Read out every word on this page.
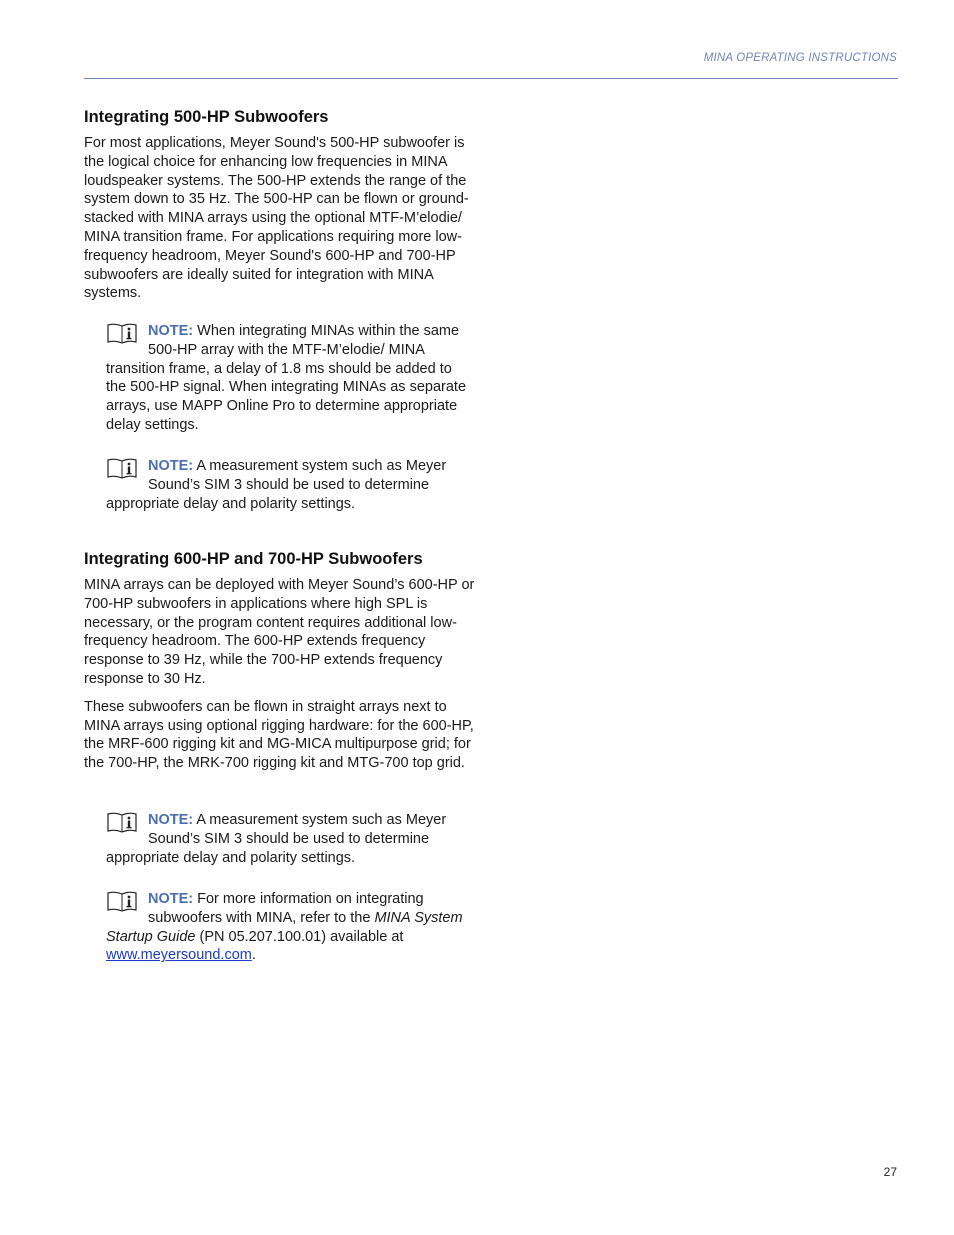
MINA OPERATING INSTRUCTIONS
Integrating 500-HP Subwoofers

For most applications, Meyer Sound's 500-HP subwoofer is the logical choice for enhancing low frequencies in MINA loudspeaker systems. The 500-HP extends the range of the system down to 35 Hz. The 500-HP can be flown or ground-stacked with MINA arrays using the optional MTF-M’elodie/ MINA transition frame. For applications requiring more low-frequency headroom, Meyer Sound's 600-HP and 700-HP subwoofers are ideally suited for integration with MINA systems.

NOTE: When integrating MINAs within the same 500-HP array with the MTF-M’elodie/ MINA transition frame, a delay of 1.8 ms should be added to the 500-HP signal. When integrating MINAs as separate arrays, use MAPP Online Pro to determine appropriate delay settings.
NOTE: A measurement system such as Meyer Sound’s SIM 3 should be used to determine appropriate delay and polarity settings.
Integrating 600-HP and 700-HP Subwoofers

MINA arrays can be deployed with Meyer Sound’s 600-HP or 700-HP subwoofers in applications where high SPL is necessary, or the program content requires additional low-frequency headroom. The 600-HP extends frequency response to 39 Hz, while the 700-HP extends frequency response to 30 Hz.

These subwoofers can be flown in straight arrays next to MINA arrays using optional rigging hardware: for the 600-HP, the MRF-600 rigging kit and MG-MICA multipurpose grid; for the 700-HP, the MRK-700 rigging kit and MTG-700 top grid.

NOTE: A measurement system such as Meyer Sound’s SIM 3 should be used to determine appropriate delay and polarity settings.
NOTE: For more information on integrating subwoofers with MINA, refer to the MINA System Startup Guide (PN 05.207.100.01) available at www.meyersound.com.
27
